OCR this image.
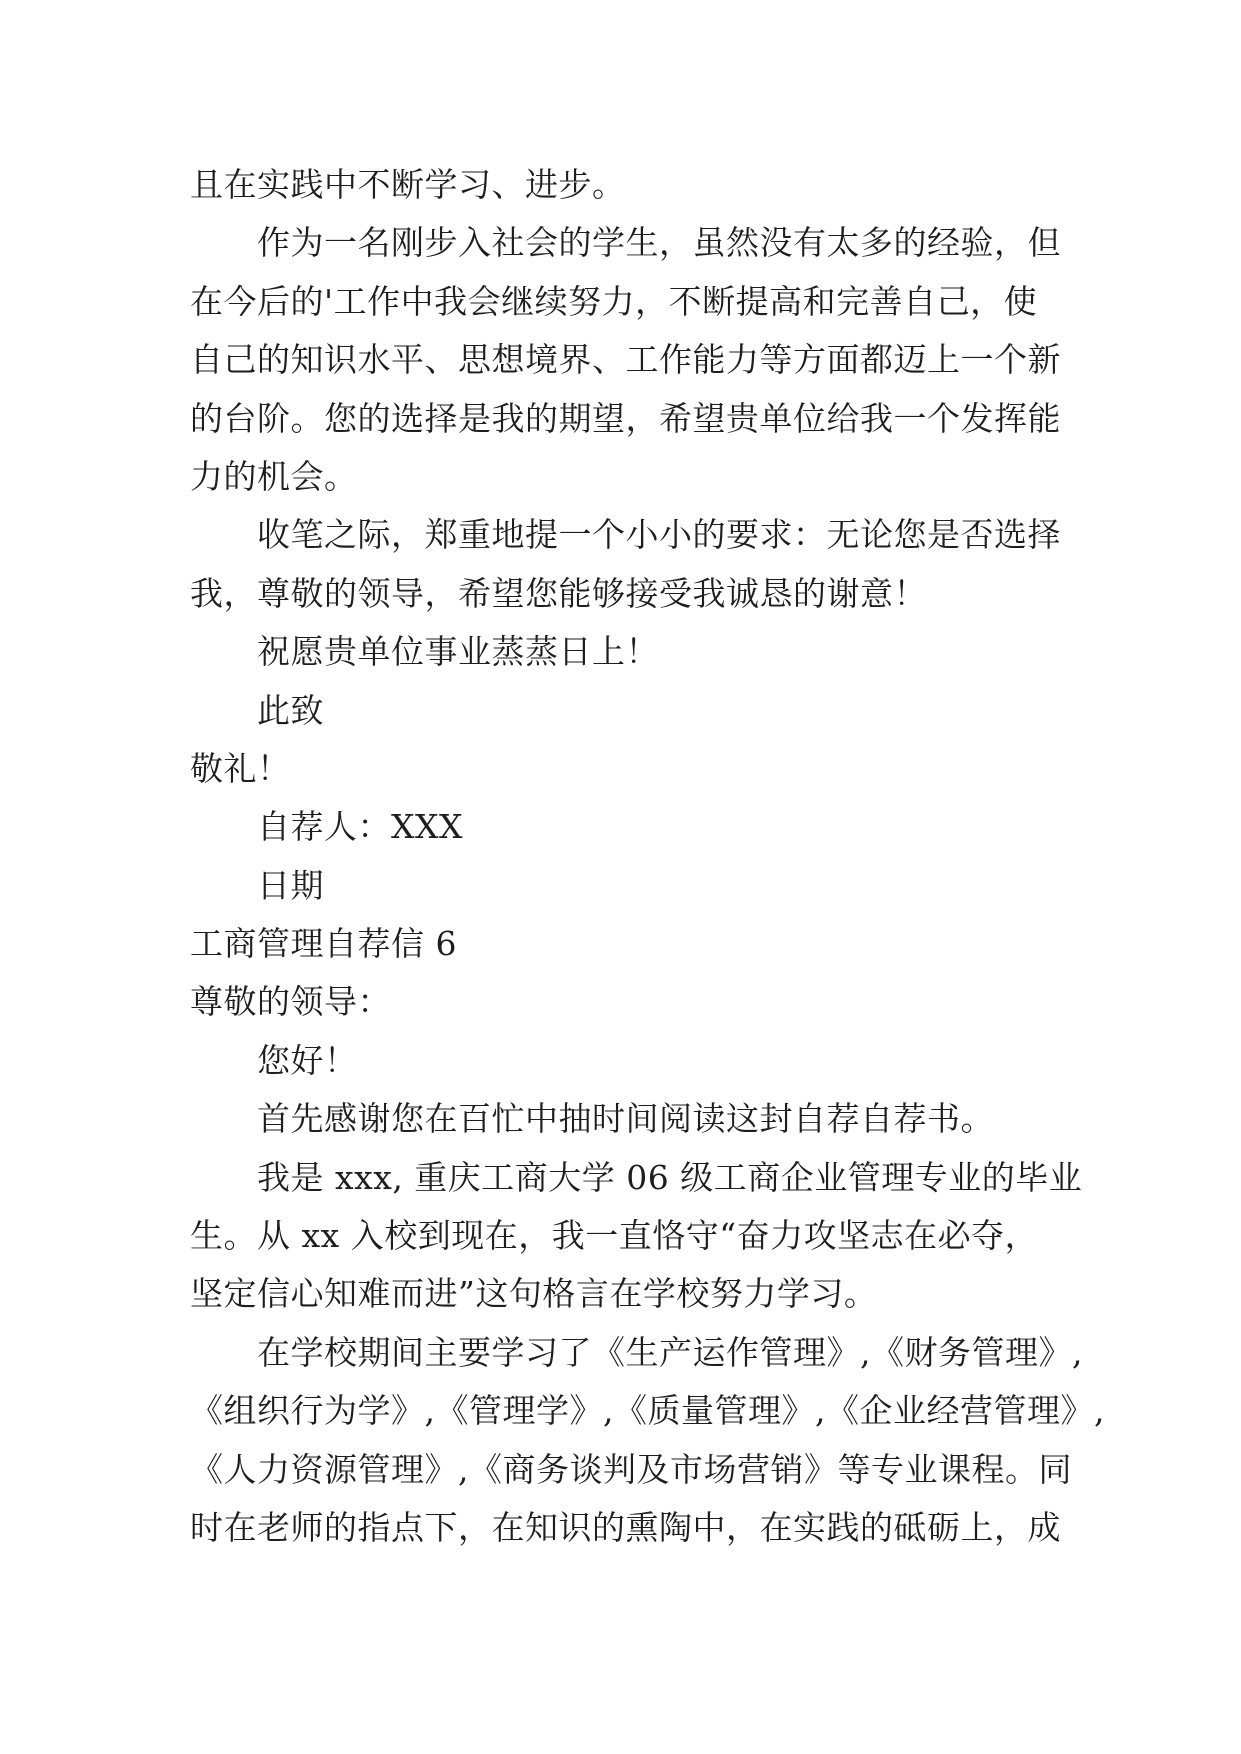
且在实践中不断学习、进步。
作为一名刚步入社会的学生，虽然没有太多的经验，但
在今后的'工作中我会继续努力，不断提高和完善自己，使
自己的知识水平、思想境界、工作能力等方面都迈上一个新
的台阶。您的选择是我的期望，希望贵单位给我一个发挥能
力的机会。
收笔之际，郑重地提一个小小的要求：无论您是否选择
我，尊敬的领导，希望您能够接受我诚恳的谢意！
祝愿贵单位事业蒸蒸日上！
此致
敬礼！
自荐人：XXX
日期
工商管理自荐信 6
尊敬的领导：
您好！
首先感谢您在百忙中抽时间阅读这封自荐自荐书。
我是 xxx, 重庆工商大学 06 级工商企业管理专业的毕业
生。从 xx 入校到现在，我一直恪守“奋力攻坚志在必夺，
坚定信心知难而进”这句格言在学校努力学习。
在学校期间主要学习了《生产运作管理》,《财务管理》,
《组织行为学》,《管理学》,《质量管理》,《企业经营管理》,
《人力资源管理》,《商务谈判及市场营销》等专业课程。同
时在老师的指点下，在知识的熏陶中，在实践的砥砺上，成
